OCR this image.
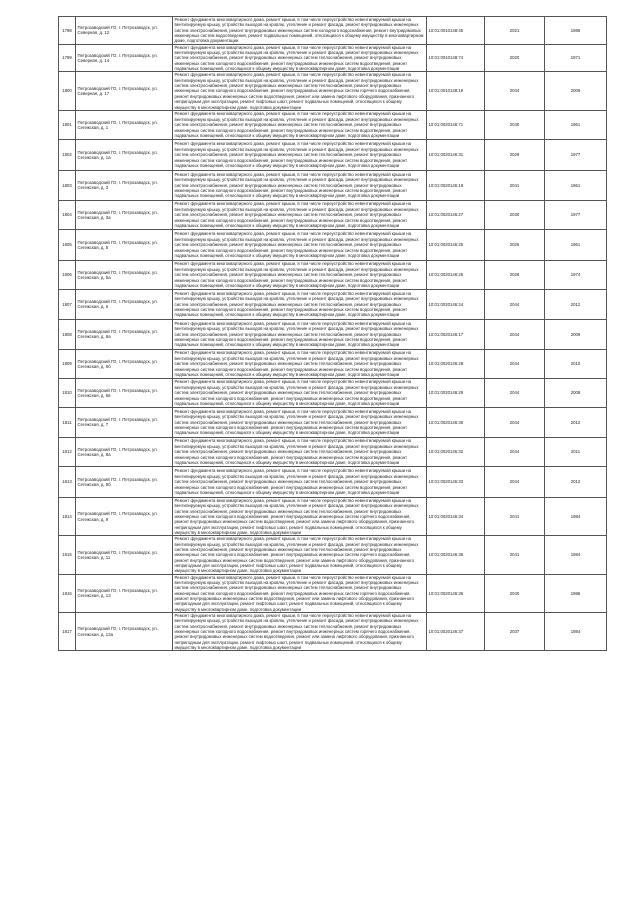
1798	Петрозаводский ГО, г. Петрозаводск, ул. Северная, д. 12	Ремонт фундамента многоквартирного дома, ремонт крыши, в том числе переустройство невентилируемой крыши на вентилируемую крышу, устройство выходов на кровлю, утепление и ремонт фасада, ремонт внутридомовых инженерных систем электроснабжения, ремонт внутридомовых инженерных систем холодного водоснабжения, ремонт внутридомовых инженерных систем водоотведения, ремонт подвальных помещений, относящихся к общему имуществу в многоквартирном доме, подготовка документации	10:01:0010148:45	2021	1986
1799	Петрозаводский ГО, г. Петрозаводск, ул. Северная, д. 14	Ремонт фундамента многоквартирного дома, ремонт крыши, в том числе переустройство невентилируемой крыши на вентилируемую крышу, устройство выходов на кровлю, утепление и ремонт фасада, ремонт внутридомовых инженерных систем электроснабжения, ремонт внутридомовых инженерных систем теплоснабжения, ремонт внутридомовых инженерных систем холодного водоснабжения, ремонт внутридомовых инженерных систем водоотведения, ремонт подвальных помещений, относящихся к общему имуществу в многоквартирном доме, подготовка документации	10:01:0010148:74	2020	1971
1800	Петрозаводский ГО, г. Петрозаводск, ул. Северная, д. 17	Ремонт фундамента многоквартирного дома, ремонт крыши, в том числе переустройство невентилируемой крыши на вентилируемую крышу, устройство выходов на кровлю, утепление и ремонт фасада, ремонт внутридомовых инженерных систем электроснабжения, ремонт внутридомовых инженерных систем теплоснабжения, ремонт внутридомовых инженерных систем холодного водоснабжения, ремонт внутридомовых инженерных систем горячего водоснабжения, ремонт внутридомовых инженерных систем водоотведения, ремонт или замена лифтового оборудования, признанного непригодным для эксплуатации, ремонт лифтовых шахт, ремонт подвальных помещений, относящихся к общему имуществу в многоквартирном доме, подготовка документации	10:01:0010148:19	2044	2006
1801	Петрозаводский ГО, г. Петрозаводск, ул. Сегежская, д. 1	Ремонт фундамента многоквартирного дома, ремонт крыши, в том числе переустройство невентилируемой крыши на вентилируемую крышу, устройство выходов на кровлю, утепление и ремонт фасада, ремонт внутридомовых инженерных систем электроснабжения, ремонт внутридомовых инженерных систем теплоснабжения, ремонт внутридомовых инженерных систем холодного водоснабжения, ремонт внутридомовых инженерных систем водоотведения, ремонт подвальных помещений, относящихся к общему имуществу в многоквартирном доме, подготовка документации	10:01:0020146:71	2040	1961
1802	Петрозаводский ГО, г. Петрозаводск, ул. Сегежская, д. 1а	Ремонт фундамента многоквартирного дома, ремонт крыши, в том числе переустройство невентилируемой крыши на вентилируемую крышу, устройство выходов на кровлю, утепление и ремонт фасада, ремонт внутридомовых инженерных систем электроснабжения, ремонт внутридомовых инженерных систем теплоснабжения, ремонт внутридомовых инженерных систем холодного водоснабжения, ремонт внутридомовых инженерных систем водоотведения, ремонт подвальных помещений, относящихся к общему имуществу в многоквартирном доме, подготовка документации	10:01:0020146:31	2029	1977
1803	Петрозаводский ГО, г. Петрозаводск, ул. Сегежская, д. 3	Ремонт фундамента многоквартирного дома, ремонт крыши, в том числе переустройство невентилируемой крыши на вентилируемую крышу, устройство выходов на кровлю, утепление и ремонт фасада, ремонт внутридомовых инженерных систем электроснабжения, ремонт внутридомовых инженерных систем теплоснабжения, ремонт внутридомовых инженерных систем холодного водоснабжения, ремонт внутридомовых инженерных систем водоотведения, ремонт подвальных помещений, относящихся к общему имуществу в многоквартирном доме, подготовка документации	10:01:0020146:18	2041	1961
1804	Петрозаводский ГО, г. Петрозаводск, ул. Сегежская, д. 3а	Ремонт фундамента многоквартирного дома, ремонт крыши, в том числе переустройство невентилируемой крыши на вентилируемую крышу, устройство выходов на кровлю, утепление и ремонт фасада, ремонт внутридомовых инженерных систем электроснабжения, ремонт внутридомовых инженерных систем теплоснабжения, ремонт внутридомовых инженерных систем холодного водоснабжения, ремонт внутридомовых инженерных систем водоотведения, ремонт подвальных помещений, относящихся к общему имуществу в многоквартирном доме, подготовка документации	10:01:0020146:27	2030	1977
1805	Петрозаводский ГО, г. Петрозаводск, ул. Сегежская, д. 5	Ремонт фундамента многоквартирного дома, ремонт крыши, в том числе переустройство невентилируемой крыши на вентилируемую крышу, устройство выходов на кровлю, утепление и ремонт фасада, ремонт внутридомовых инженерных систем электроснабжения, ремонт внутридомовых инженерных систем теплоснабжения, ремонт внутридомовых инженерных систем холодного водоснабжения, ремонт внутридомовых инженерных систем водоотведения, ремонт подвальных помещений, относящихся к общему имуществу в многоквартирном доме, подготовка документации	10:01:0020146:25	2026	1961
1806	Петрозаводский ГО, г. Петрозаводск, ул. Сегежская, д. 5а	Ремонт фундамента многоквартирного дома, ремонт крыши, в том числе переустройство невентилируемой крыши на вентилируемую крышу, устройство выходов на кровлю, утепление и ремонт фасада, ремонт внутридомовых инженерных систем электроснабжения, ремонт внутридомовых инженерных систем теплоснабжения, ремонт внутридомовых инженерных систем холодного водоснабжения, ремонт внутридомовых инженерных систем водоотведения, ремонт подвальных помещений, относящихся к общему имуществу в многоквартирном доме, подготовка документации	10:01:0020146:26	2028	1974
1807	Петрозаводский ГО, г. Петрозаводск, ул. Сегежская, д. 6	Ремонт фундамента многоквартирного дома, ремонт крыши, в том числе переустройство невентилируемой крыши на вентилируемую крышу, устройство выходов на кровлю, утепление и ремонт фасада, ремонт внутридомовых инженерных систем электроснабжения, ремонт внутридомовых инженерных систем теплоснабжения, ремонт внутридомовых инженерных систем холодного водоснабжения, ремонт внутридомовых инженерных систем водоотведения, ремонт подвальных помещений, относящихся к общему имуществу в многоквартирном доме, подготовка документации	10:01:0020146:24	2044	2012
1808	Петрозаводский ГО, г. Петрозаводск, ул. Сегежская, д. 6а	Ремонт фундамента многоквартирного дома, ремонт крыши, в том числе переустройство невентилируемой крыши на вентилируемую крышу, устройство выходов на кровлю, утепление и ремонт фасада, ремонт внутридомовых инженерных систем электроснабжения, ремонт внутридомовых инженерных систем теплоснабжения, ремонт внутридомовых инженерных систем холодного водоснабжения, ремонт внутридомовых инженерных систем водоотведения, ремонт подвальных помещений, относящихся к общему имуществу в многоквартирном доме, подготовка документации	10:01:0020146:17	2044	2009
1809	Петрозаводский ГО, г. Петрозаводск, ул. Сегежская, д. 6б	Ремонт фундамента многоквартирного дома, ремонт крыши, в том числе переустройство невентилируемой крыши на вентилируемую крышу, устройство выходов на кровлю, утепление и ремонт фасада, ремонт внутридомовых инженерных систем электроснабжения, ремонт внутридомовых инженерных систем теплоснабжения, ремонт внутридомовых инженерных систем холодного водоснабжения, ремонт внутридомовых инженерных систем водоотведения, ремонт подвальных помещений, относящихся к общему имуществу в многоквартирном доме, подготовка документации	10:01:0020146:28	2044	2010
1810	Петрозаводский ГО, г. Петрозаводск, ул. Сегежская, д. 6в	Ремонт фундамента многоквартирного дома, ремонт крыши, в том числе переустройство невентилируемой крыши на вентилируемую крышу, устройство выходов на кровлю, утепление и ремонт фасада, ремонт внутридомовых инженерных систем электроснабжения, ремонт внутридомовых инженерных систем теплоснабжения, ремонт внутридомовых инженерных систем холодного водоснабжения, ремонт внутридомовых инженерных систем водоотведения, ремонт подвальных помещений, относящихся к общему имуществу в многоквартирном доме, подготовка документации	10:01:0020146:29	2044	2008
1811	Петрозаводский ГО, г. Петрозаводск, ул. Сегежская, д. 7	Ремонт фундамента многоквартирного дома, ремонт крыши, в том числе переустройство невентилируемой крыши на вентилируемую крышу, устройство выходов на кровлю, утепление и ремонт фасада, ремонт внутридомовых инженерных систем электроснабжения, ремонт внутридомовых инженерных систем теплоснабжения, ремонт внутридомовых инженерных систем холодного водоснабжения, ремонт внутридомовых инженерных систем водоотведения, ремонт подвальных помещений, относящихся к общему имуществу в многоквартирном доме, подготовка документации	10:01:0020146:30	2044	2012
1812	Петрозаводский ГО, г. Петрозаводск, ул. Сегежская, д. 8а	Ремонт фундамента многоквартирного дома, ремонт крыши, в том числе переустройство невентилируемой крыши на вентилируемую крышу, устройство выходов на кровлю, утепление и ремонт фасада, ремонт внутридомовых инженерных систем электроснабжения, ремонт внутридомовых инженерных систем теплоснабжения, ремонт внутридомовых инженерных систем холодного водоснабжения, ремонт внутридомовых инженерных систем водоотведения, ремонт подвальных помещений, относящихся к общему имуществу в многоквартирном доме, подготовка документации	10:01:0020146:32	2044	2011
1813	Петрозаводский ГО, г. Петрозаводск, ул. Сегежская, д. 8б	Ремонт фундамента многоквартирного дома, ремонт крыши, в том числе переустройство невентилируемой крыши на вентилируемую крышу, устройство выходов на кровлю, утепление и ремонт фасада, ремонт внутридомовых инженерных систем электроснабжения, ремонт внутридомовых инженерных систем теплоснабжения, ремонт внутридомовых инженерных систем холодного водоснабжения, ремонт внутридомовых инженерных систем водоотведения, ремонт подвальных помещений, относящихся к общему имуществу в многоквартирном доме, подготовка документации	10:01:0020146:33	2044	2012
1814	Петрозаводский ГО, г. Петрозаводск, ул. Сегежская, д. 9	Ремонт фундамента многоквартирного дома, ремонт крыши, в том числе переустройство невентилируемой крыши на вентилируемую крышу, устройство выходов на кровлю, утепление и ремонт фасада, ремонт внутридомовых инженерных систем электроснабжения, ремонт внутридомовых инженерных систем теплоснабжения, ремонт внутридомовых инженерных систем холодного водоснабжения, ремонт внутридомовых инженерных систем горячего водоснабжения, ремонт внутридомовых инженерных систем водоотведения, ремонт или замена лифтового оборудования, признанного непригодным для эксплуатации, ремонт лифтовых шахт, ремонт подвальных помещений, относящихся к общему имуществу в многоквартирном доме, подготовка документации	10:01:0020146:34	2041	1984
1815	Петрозаводский ГО, г. Петрозаводск, ул. Сегежская, д. 11	Ремонт фундамента многоквартирного дома, ремонт крыши, в том числе переустройство невентилируемой крыши на вентилируемую крышу, устройство выходов на кровлю, утепление и ремонт фасада, ремонт внутридомовых инженерных систем электроснабжения, ремонт внутридомовых инженерных систем теплоснабжения, ремонт внутридомовых инженерных систем холодного водоснабжения, ремонт внутридомовых инженерных систем горячего водоснабжения, ремонт внутридомовых инженерных систем водоотведения, ремонт или замена лифтового оборудования, признанного непригодным для эксплуатации, ремонт лифтовых шахт, ремонт подвальных помещений, относящихся к общему имуществу в многоквартирном доме, подготовка документации	10:01:0020146:35	2041	1984
1816	Петрозаводский ГО, г. Петрозаводск, ул. Сегежская, д. 13	Ремонт фундамента многоквартирного дома, ремонт крыши, в том числе переустройство невентилируемой крыши на вентилируемую крышу, устройство выходов на кровлю, утепление и ремонт фасада, ремонт внутридомовых инженерных систем электроснабжения, ремонт внутридомовых инженерных систем теплоснабжения, ремонт внутридомовых инженерных систем холодного водоснабжения, ремонт внутридомовых инженерных систем горячего водоснабжения, ремонт внутридомовых инженерных систем водоотведения, ремонт или замена лифтового оборудования, признанного непригодным для эксплуатации, ремонт лифтовых шахт, ремонт подвальных помещений, относящихся к общему имуществу в многоквартирном доме, подготовка документации	10:01:0020146:36	2040	1986
1817	Петрозаводский ГО, г. Петрозаводск, ул. Сегежская, д. 13а	Ремонт фундамента многоквартирного дома, ремонт крыши, в том числе переустройство невентилируемой крыши на вентилируемую крышу, устройство выходов на кровлю, утепление и ремонт фасада, ремонт внутридомовых инженерных систем электроснабжения, ремонт внутридомовых инженерных систем теплоснабжения, ремонт внутридомовых инженерных систем холодного водоснабжения, ремонт внутридомовых инженерных систем горячего водоснабжения, ремонт внутридомовых инженерных систем водоотведения, ремонт или замена лифтового оборудования, признанного непригодным для эксплуатации, ремонт лифтовых шахт, ремонт подвальных помещений, относящихся к общему имуществу в многоквартирном доме, подготовка документации	10:01:0020146:37	2037	1984
